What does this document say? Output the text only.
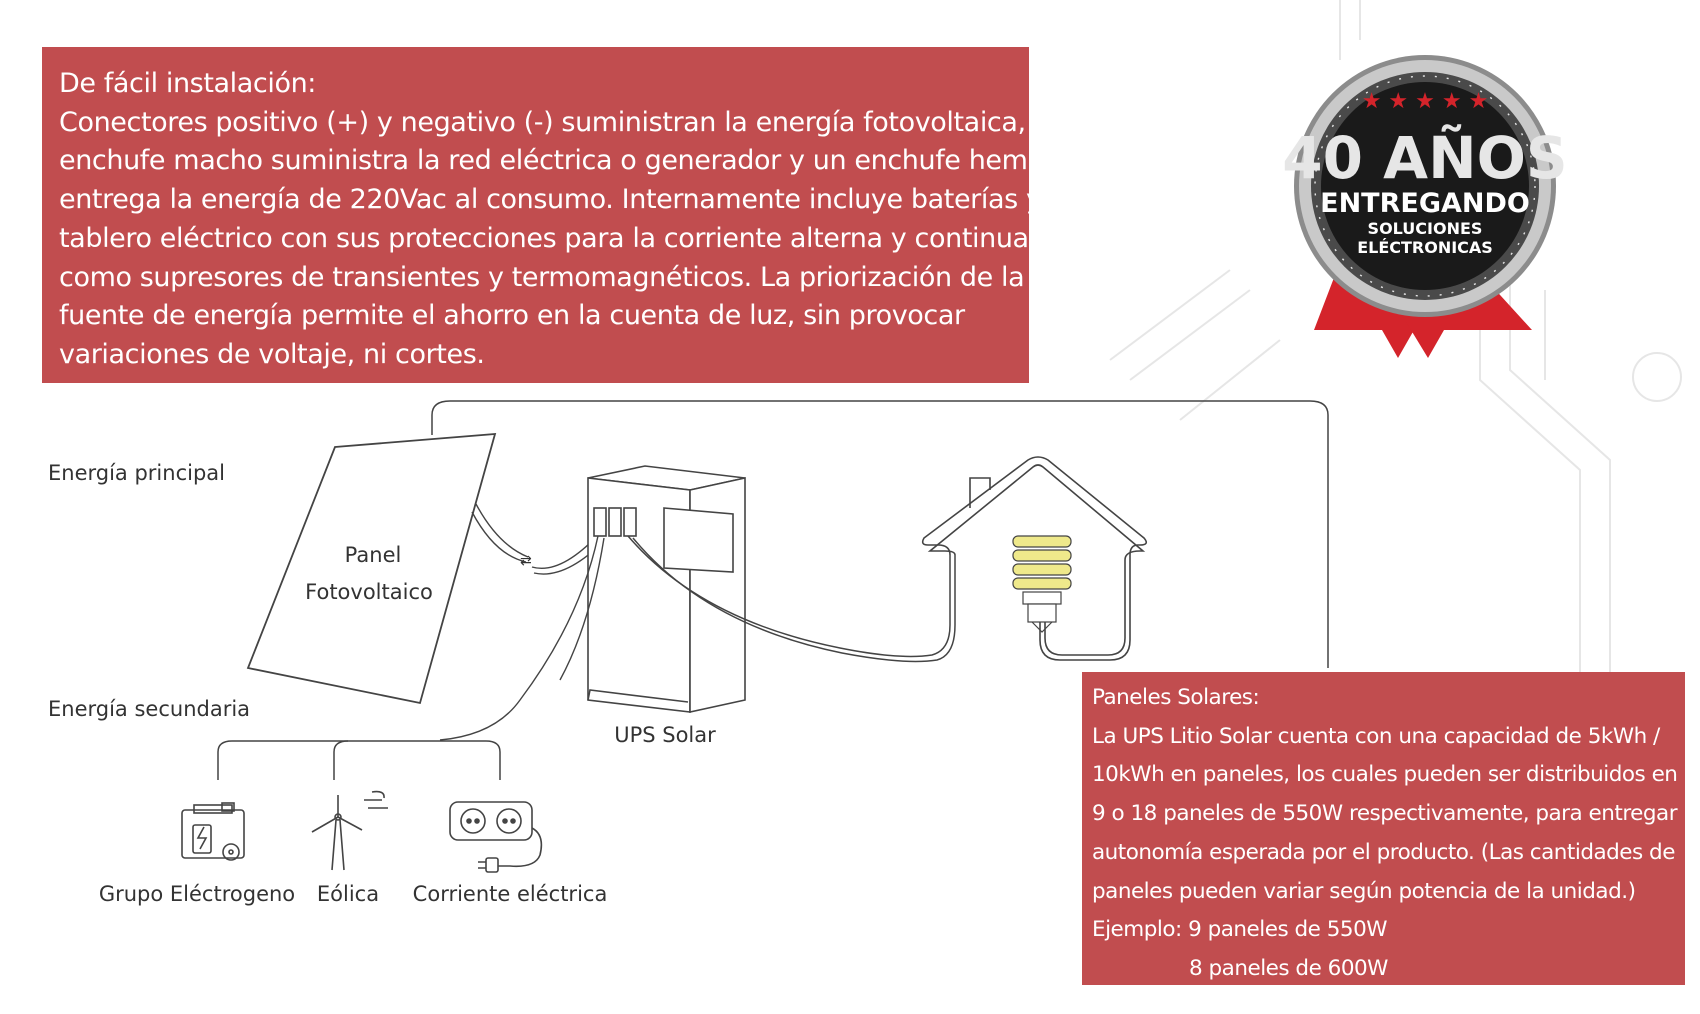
⇄
★ ★ ★ ★ ★
40 AÑOS
ENTREGANDO
SOLUCIONES
ELÉCTRONICAS
De fácil instalación:
Conectores positivo (+) y negativo (-) suministran la energía fotovoltaica, un
enchufe macho suministra la red eléctrica o generador y un enchufe hembra
entrega la energía de 220Vac al consumo. Internamente incluye baterías y
tablero eléctrico con sus protecciones para la corriente alterna y continua,
como supresores de transientes y termomagnéticos. La priorización de la
fuente de energía permite el ahorro en la cuenta de luz, sin provocar
variaciones de voltaje, ni cortes.
Energía principal
Energía secundaria
Panel
Fotovoltaico
UPS Solar
Grupo Eléctrogeno Eólica Corriente eléctrica
Paneles Solares:
La UPS Litio Solar cuenta con una capacidad de 5kWh /
10kWh en paneles, los cuales pueden ser distribuidos en
9 o 18 paneles de 550W respectivamente, para entregar
autonomía esperada por el producto. (Las cantidades de
paneles pueden variar según potencia de la unidad.)
Ejemplo:
9 paneles de 550W
8 paneles de 600W
